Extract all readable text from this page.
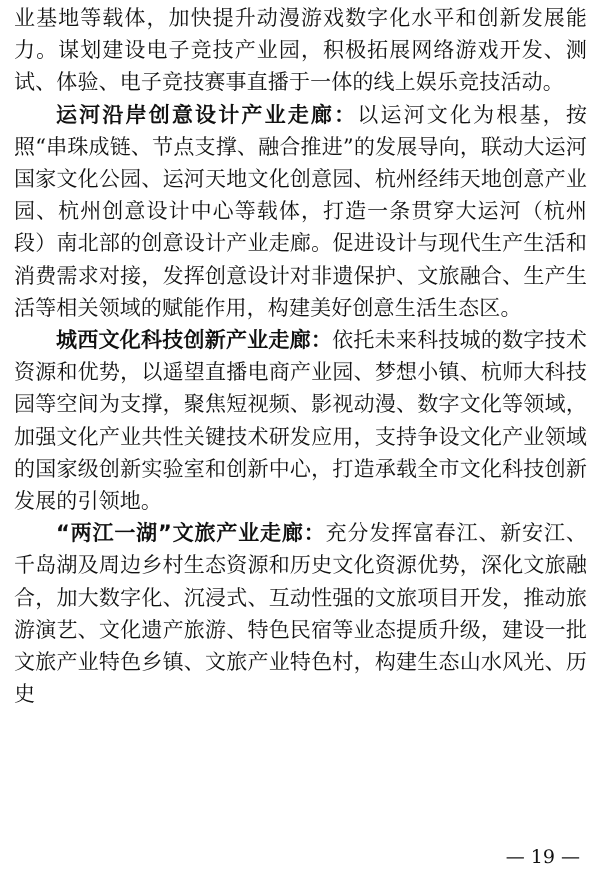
业基地等载体，加快提升动漫游戏数字化水平和创新发展能力。谋划建设电子竞技产业园，积极拓展网络游戏开发、测试、体验、电子竞技赛事直播于一体的线上娱乐竞技活动。

运河沿岸创意设计产业走廊：以运河文化为根基，按照“串珠成链、节点支撑、融合推进”的发展导向，联动大运河国家文化公园、运河天地文化创意园、杭州经纬天地创意产业园、杭州创意设计中心等载体，打造一条贯穿大运河（杭州段）南北部的创意设计产业走廊。促进设计与现代生产生活和消费需求对接，发挥创意设计对非遗保护、文旅融合、生产生活等相关领域的赋能作用，构建美好创意生活生态区。

城西文化科技创新产业走廊：依托未来科技城的数字技术资源和优势，以遥望直播电商产业园、梦想小镇、杭师大科技园等空间为支撑，聚焦短视频、影视动漫、数字文化等领域，加强文化产业共性关键技术研发应用，支持争设文化产业领域的国家级创新实验室和创新中心，打造承载全市文化科技创新发展的引领地。

“两江一湖”文旅产业走廊：充分发挥富春江、新安江、千岛湖及周边乡村生态资源和历史文化资源优势，深化文旅融合，加大数字化、沉浸式、互动性强的文旅项目开发，推动旅游演艺、文化遗产旅游、特色民宿等业态提质升级，建设一批文旅产业特色乡镇、文旅产业特色村，构建生态山水风光、历史

— 19 —
